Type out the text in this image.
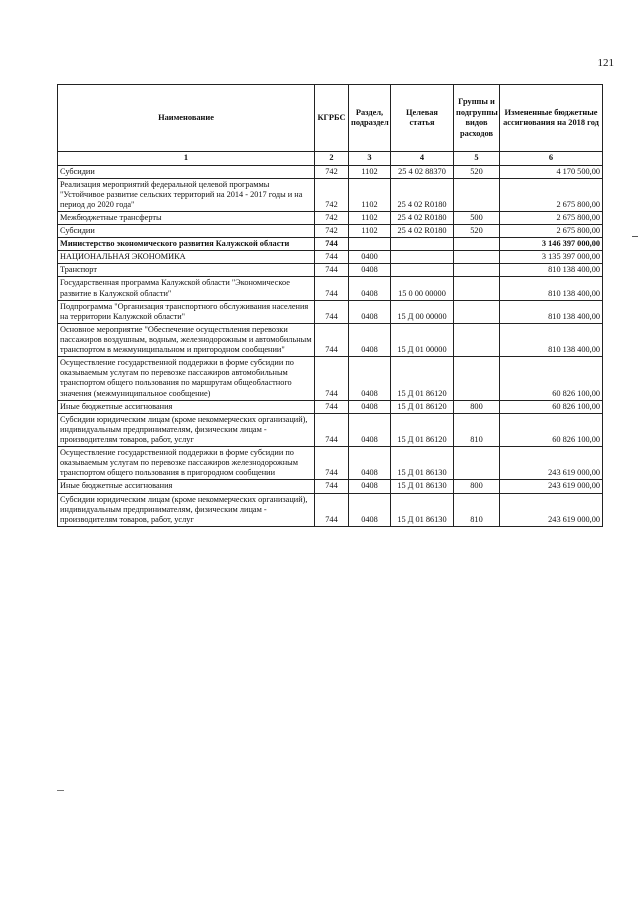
121
Наименование	КГРБС	Раздел, подраздел	Целевая статья	Группы и подгруппы видов расходов	Измененные бюджетные ассигнования на 2018 год
1	2	3	4	5	6
Субсидии	742	1102	25 4 02 88370	520	4 170 500,00
Реализация мероприятий федеральной целевой программы "Устойчивое развитие сельских территорий на 2014 - 2017 годы и на период до 2020 года"	742	1102	25 4 02 R0180		2 675 800,00
Межбюджетные трансферты	742	1102	25 4 02 R0180	500	2 675 800,00
Субсидии	742	1102	25 4 02 R0180	520	2 675 800,00
Министерство экономического развития Калужской области	744				3 146 397 000,00
НАЦИОНАЛЬНАЯ ЭКОНОМИКА	744	0400			3 135 397 000,00
Транспорт	744	0408			810 138 400,00
Государственная программа Калужской области "Экономическое развитие в Калужской области"	744	0408	15 0 00 00000		810 138 400,00
Подпрограмма "Организация транспортного обслуживания населения на территории Калужской области"	744	0408	15 Д 00 00000		810 138 400,00
Основное мероприятие "Обеспечение осуществления перевозки пассажиров воздушным, водным, железнодорожным и автомобильным транспортом в межмуниципальном и пригородном сообщении"	744	0408	15 Д 01 00000		810 138 400,00
Осуществление государственной поддержки в форме субсидии по оказываемым услугам по перевозке пассажиров автомобильным транспортом общего пользования по маршрутам общеобластного значения (межмуниципальное сообщение)	744	0408	15 Д 01 86120		60 826 100,00
Иные бюджетные ассигнования	744	0408	15 Д 01 86120	800	60 826 100,00
Субсидии юридическим лицам (кроме некоммерческих организаций), индивидуальным предпринимателям, физическим лицам - производителям товаров, работ, услуг	744	0408	15 Д 01 86120	810	60 826 100,00
Осуществление государственной поддержки в форме субсидии по оказываемым услугам по перевозке пассажиров железнодорожным транспортом общего пользования в пригородном сообщении	744	0408	15 Д 01 86130		243 619 000,00
Иные бюджетные ассигнования	744	0408	15 Д 01 86130	800	243 619 000,00
Субсидии юридическим лицам (кроме некоммерческих организаций), индивидуальным предпринимателям, физическим лицам - производителям товаров, работ, услуг	744	0408	15 Д 01 86130	810	243 619 000,00
